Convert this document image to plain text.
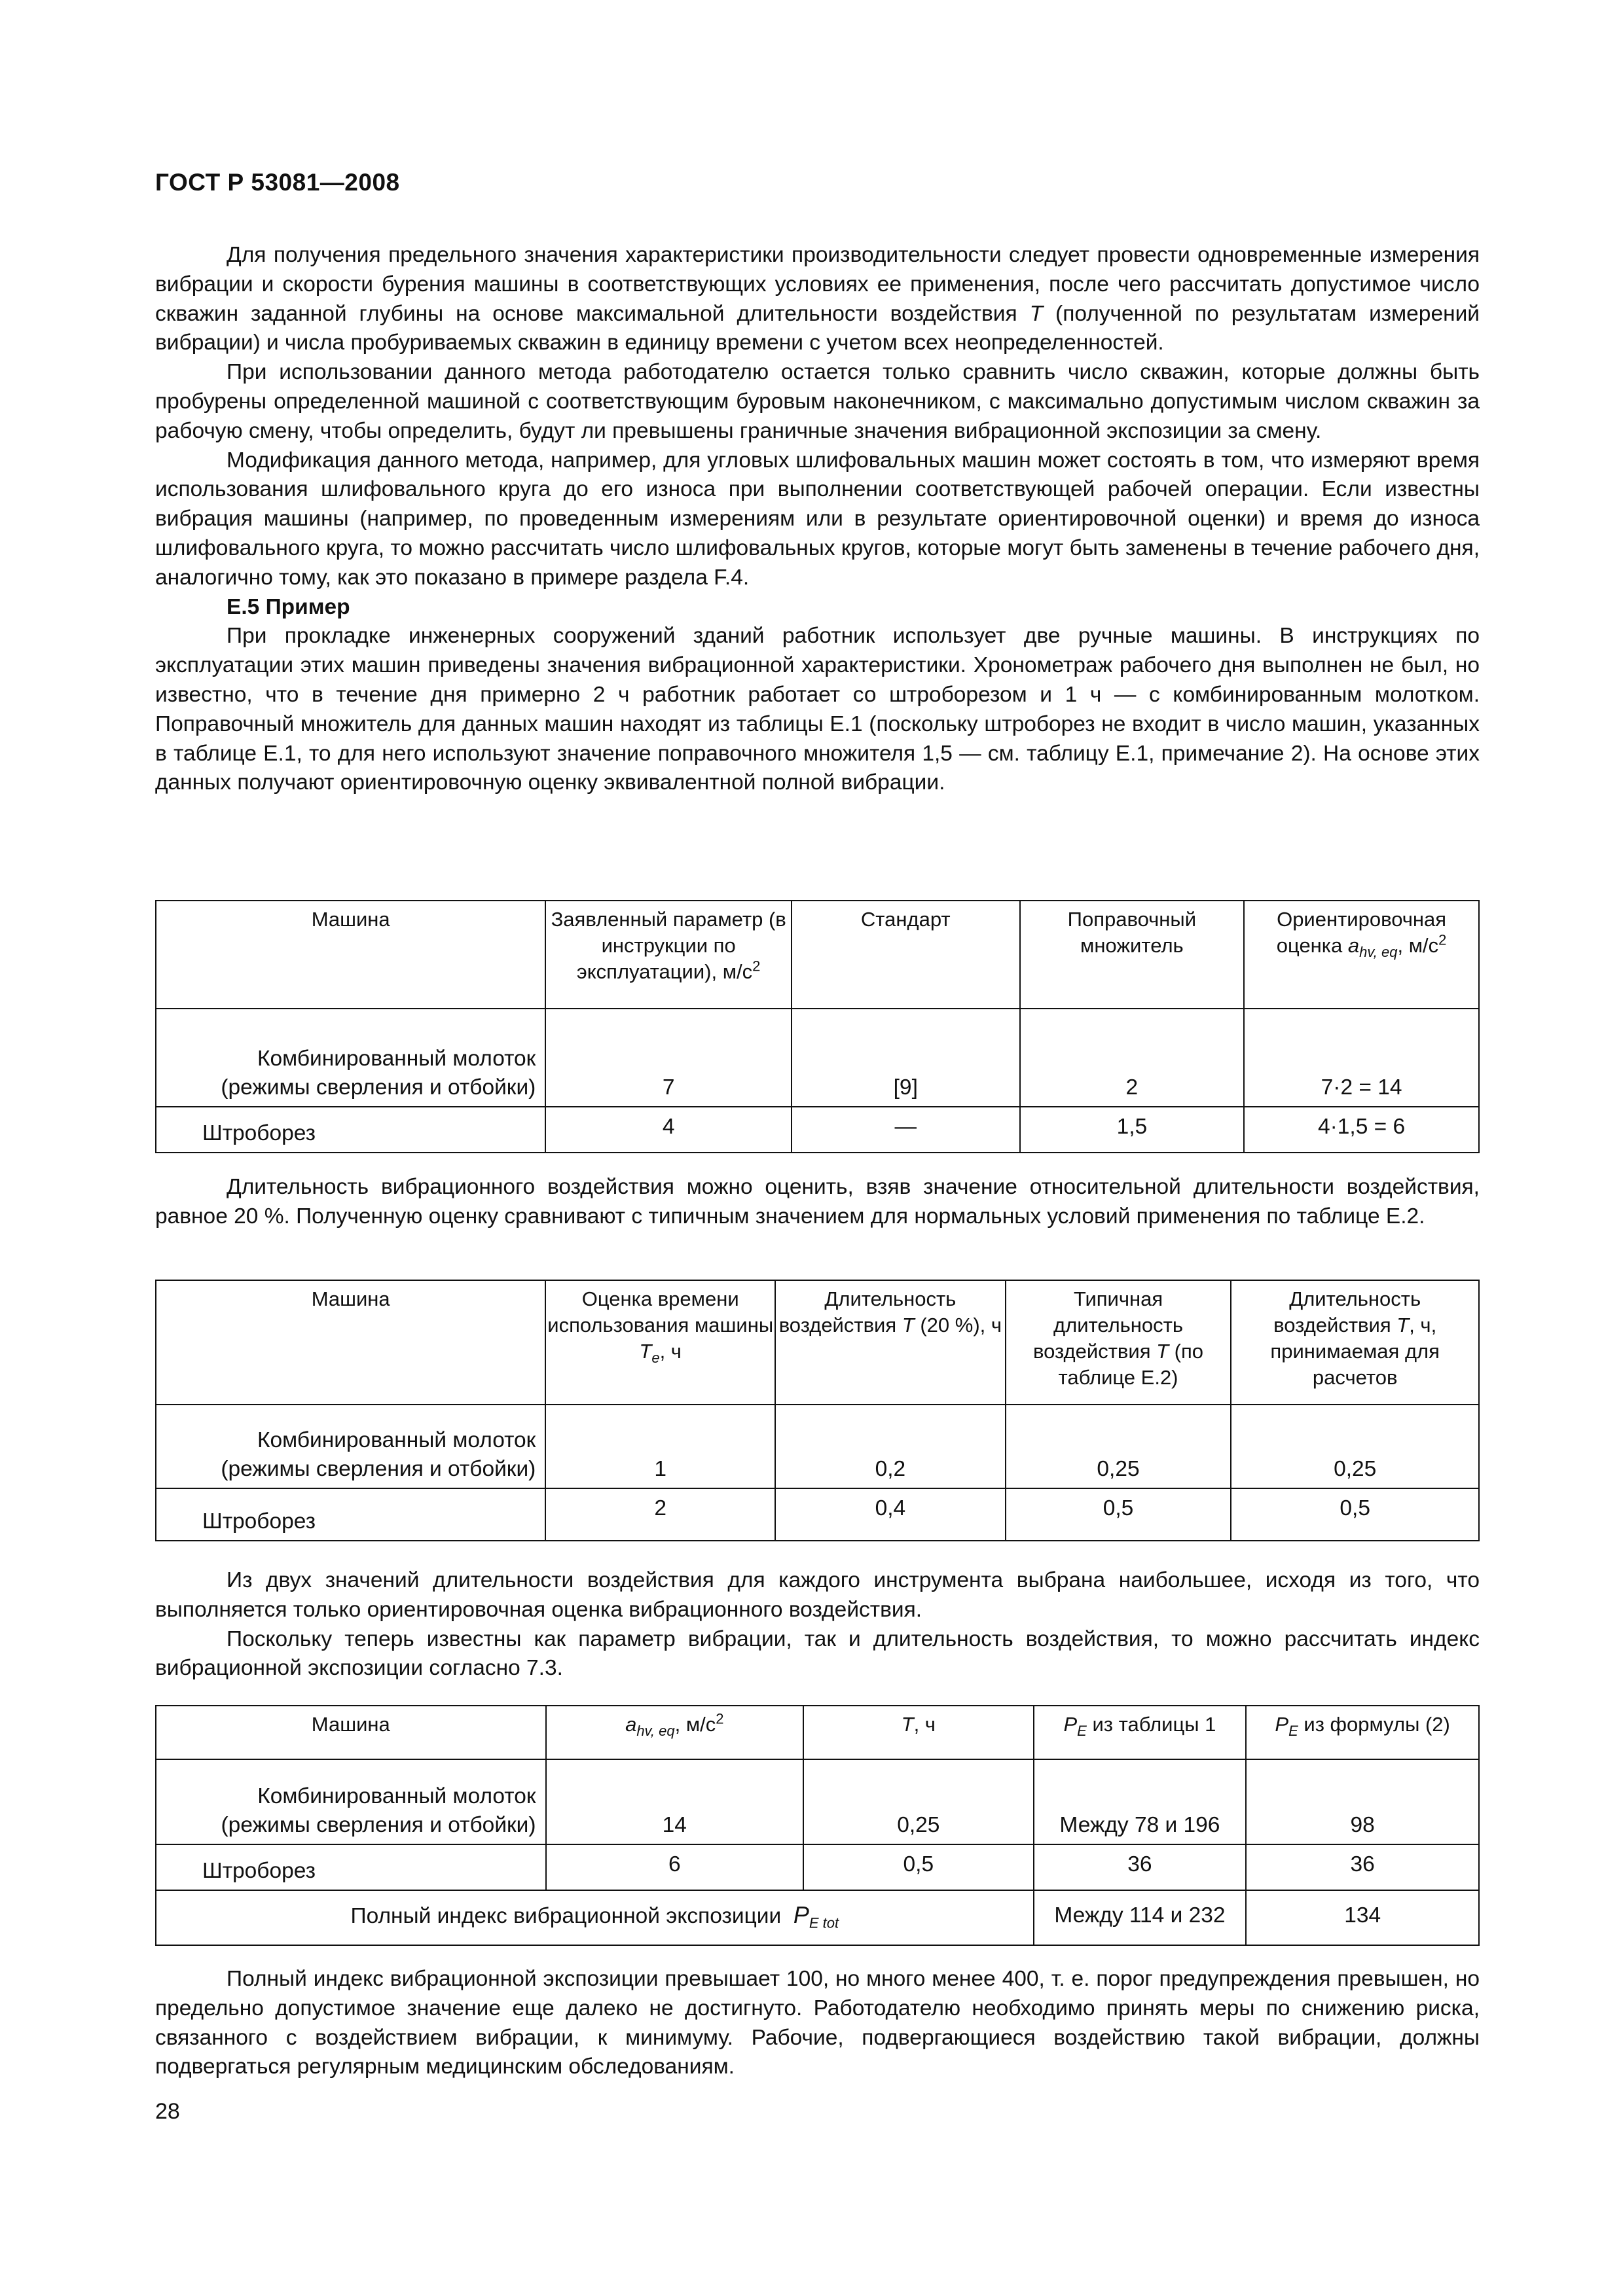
ГОСТ Р 53081—2008

Для получения предельного значения характеристики производительности следует провести одновременные измерения вибрации и скорости бурения машины в соответствующих условиях ее применения, после чего рассчитать допустимое число скважин заданной глубины на основе максимальной длительности воздействия T (полученной по результатам измерений вибрации) и числа пробуриваемых скважин в единицу времени с учетом всех неопределенностей.

При использовании данного метода работодателю остается только сравнить число скважин, которые должны быть пробурены определенной машиной с соответствующим буровым наконечником, с максимально допустимым числом скважин за рабочую смену, чтобы определить, будут ли превышены граничные значения вибрационной экспозиции за смену.

Модификация данного метода, например, для угловых шлифовальных машин может состоять в том, что измеряют время использования шлифовального круга до его износа при выполнении соответствующей рабочей операции. Если известны вибрация машины (например, по проведенным измерениям или в результате ориентировочной оценки) и время до износа шлифовального круга, то можно рассчитать число шлифовальных кругов, которые могут быть заменены в течение рабочего дня, аналогично тому, как это показано в примере раздела F.4.

Е.5 Пример

При прокладке инженерных сооружений зданий работник использует две ручные машины. В инструкциях по эксплуатации этих машин приведены значения вибрационной характеристики. Хронометраж рабочего дня выполнен не был, но известно, что в течение дня примерно 2 ч работник работает со штроборезом и 1 ч — с комбинированным молотком. Поправочный множитель для данных машин находят из таблицы Е.1 (поскольку штроборез не входит в число машин, указанных в таблице Е.1, то для него используют значение поправочного множителя 1,5 — см. таблицу Е.1, примечание 2). На основе этих данных получают ориентировочную оценку эквивалентной полной вибрации.

Машина	Заявленный параметр (в инструкции по эксплуатации), $м/с^2$	Стандарт	Поправочный множитель	Ориентировочная оценка $a_{hv, eq}$, $м/с^2$
Комбинированный молоток
(режимы сверления и отбойки)	7	[9]	2	7·2 = 14
Штроборез	4	—	1,5	4·1,5 = 6

Длительность вибрационного воздействия можно оценить, взяв значение относительной длительности воздействия, равное 20 %. Полученную оценку сравнивают с типичным значением для нормальных условий применения по таблице Е.2.

Машина	Оценка времени использования машины $T_e$, ч	Длительность воздействия T (20 %), ч	Типичная длительность воздействия T (по таблице Е.2)	Длительность воздействия T, ч, принимаемая для расчетов
Комбинированный молоток
(режимы сверления и отбойки)	1	0,2	0,25	0,25
Штроборез	2	0,4	0,5	0,5

Из двух значений длительности воздействия для каждого инструмента выбрана наибольшее, исходя из того, что выполняется только ориентировочная оценка вибрационного воздействия.

Поскольку теперь известны как параметр вибрации, так и длительность воздействия, то можно рассчитать индекс вибрационной экспозиции согласно 7.3.

Машина	$a_{hv, eq}$, $м/с^2$	T, ч	$P_E$ из таблицы 1	$P_E$ из формулы (2)
Комбинированный молоток
(режимы сверления и отбойки)	14	0,25	Между 78 и 196	98
Штроборез	6	0,5	36	36
Полный индекс вибрационной экспозиции $P_{E tot}$			Между 114 и 232	134

Полный индекс вибрационной экспозиции превышает 100, но много менее 400, т. е. порог предупреждения превышен, но предельно допустимое значение еще далеко не достигнуто. Работодателю необходимо принять меры по снижению риска, связанного с воздействием вибрации, к минимуму. Рабочие, подвергающиеся воздействию такой вибрации, должны подвергаться регулярным медицинским обследованиям.

28
